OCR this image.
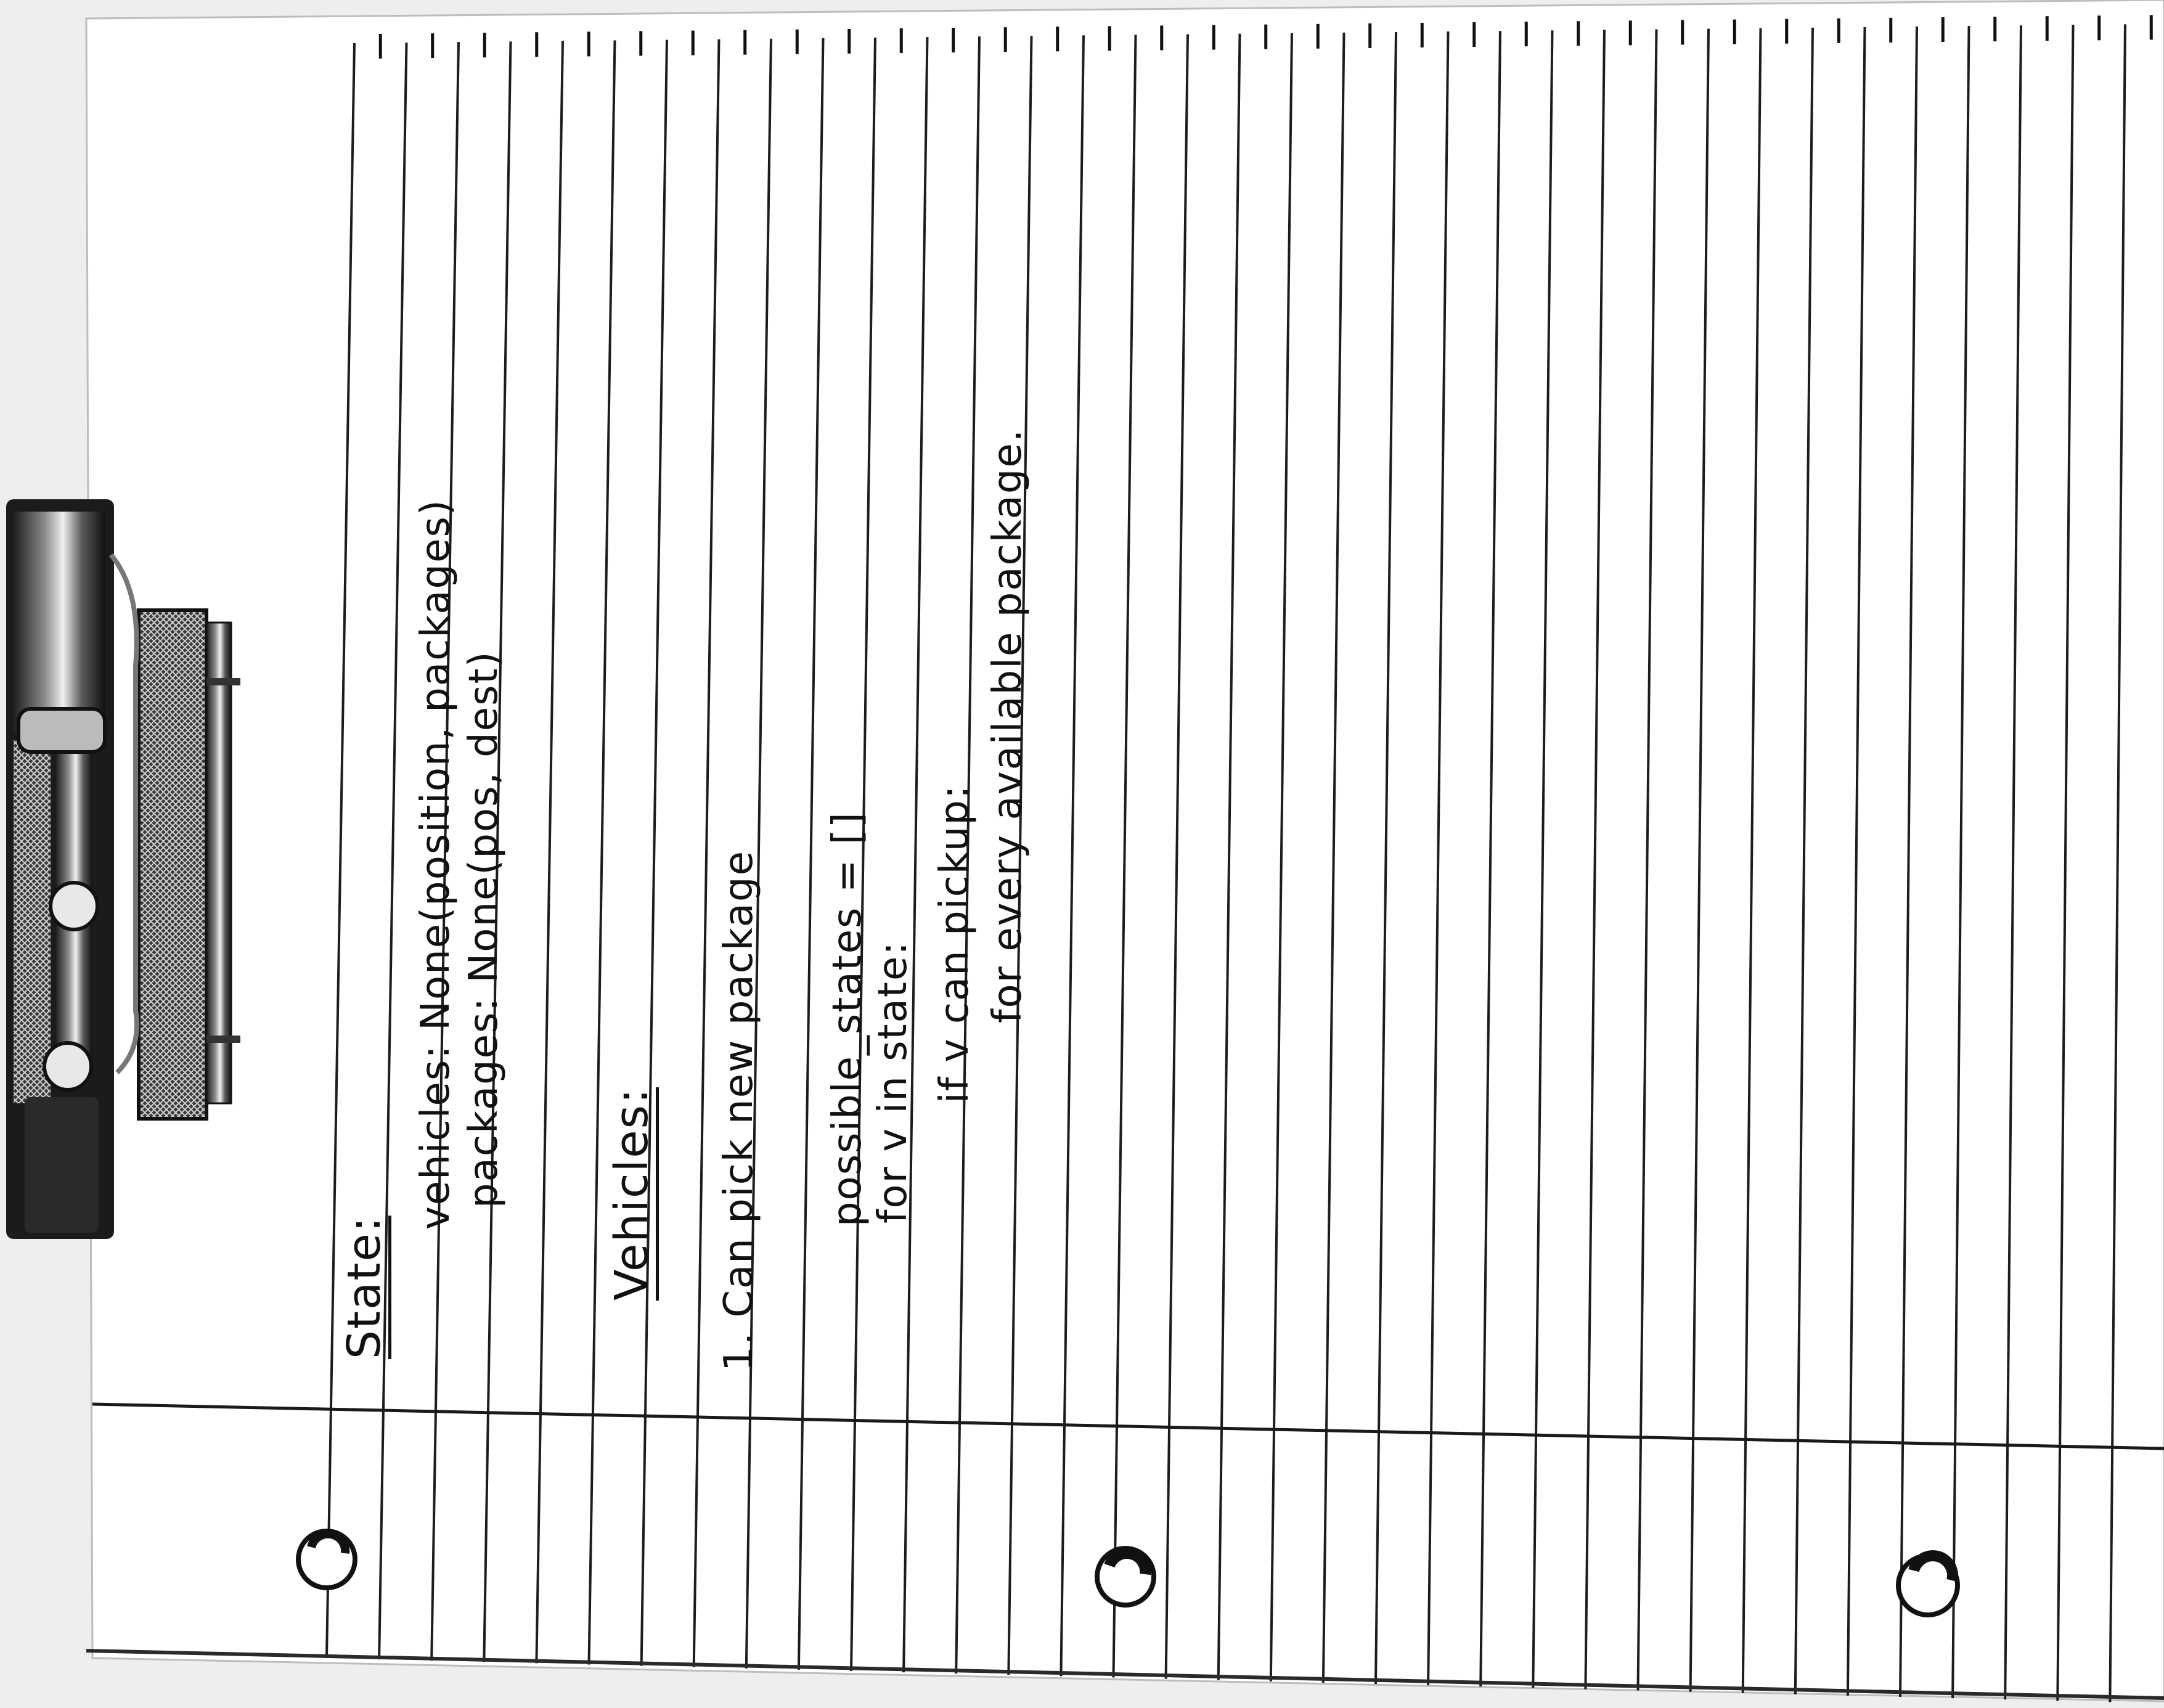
State:
vehicles: None(position, packages) packages: None(pos, dest) Vehicles: 1. Can pick new package possible_states = [] for v in state: if v can pickup: for every available package.
